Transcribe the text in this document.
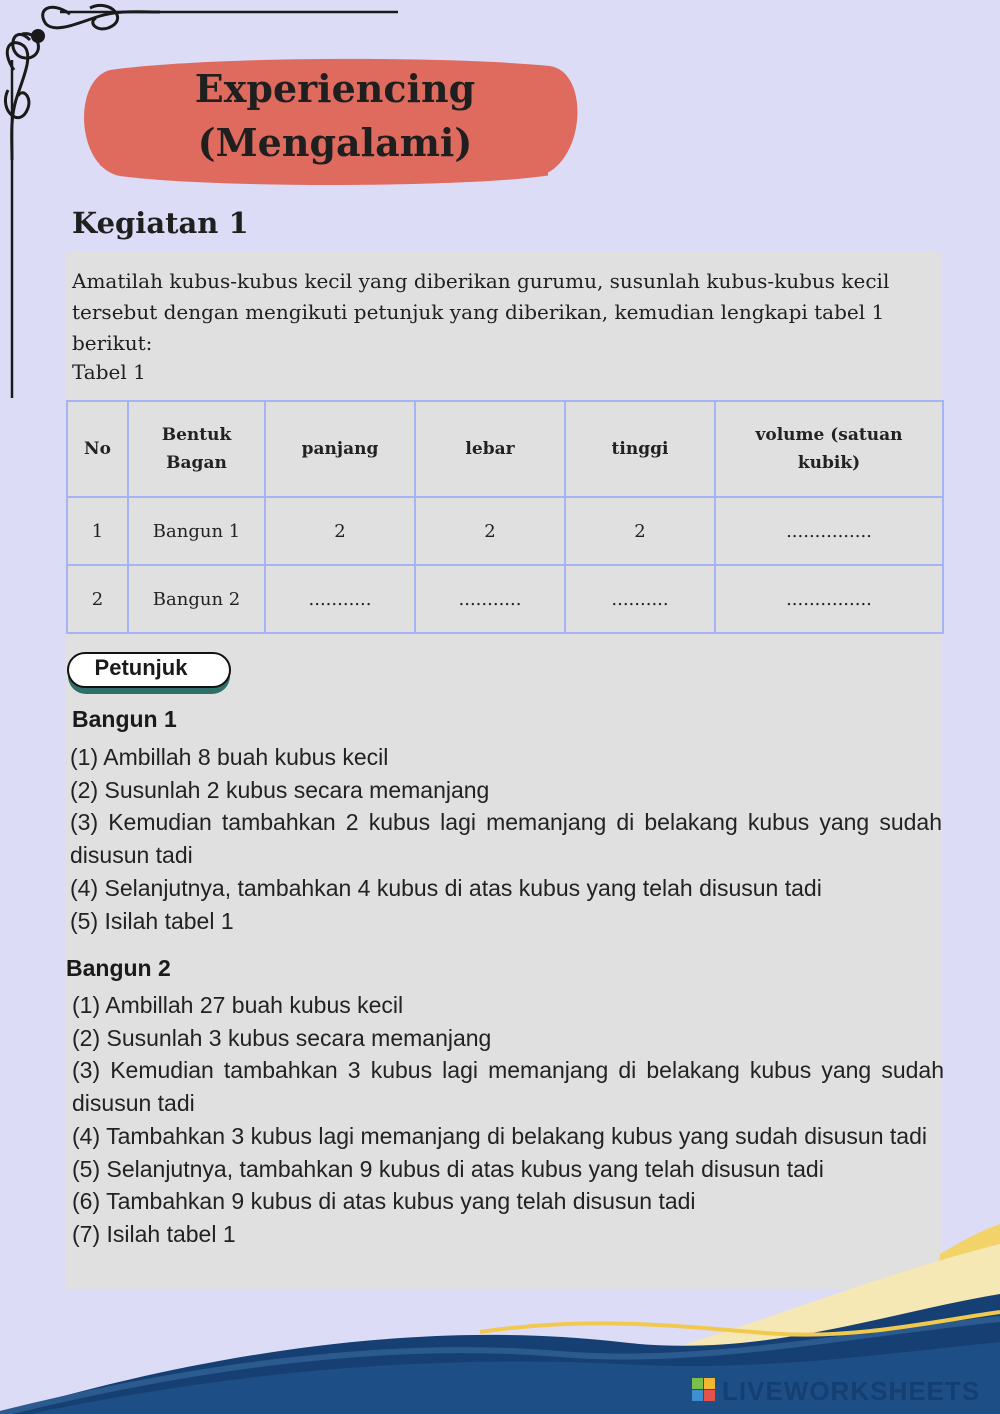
Experiencing
(Mengalami)
Kegiatan 1
Amatilah kubus-kubus kecil yang diberikan gurumu, susunlah kubus-kubus kecil tersebut dengan mengikuti petunjuk yang diberikan, kemudian lengkapi tabel 1 berikut:
Tabel 1
No	Bentuk Bagan	panjang	lebar	tinggi	volume (satuan kubik)
1	Bangun 1	2	2	2	...............
2	Bangun 2	...........	...........	..........	...............
Petunjuk
Bangun 1
(1) Ambillah 8 buah kubus kecil
(2) Susunlah 2 kubus secara memanjang
(3) Kemudian tambahkan 2 kubus lagi memanjang di belakang kubus yang sudah disusun tadi
(4) Selanjutnya, tambahkan 4 kubus di atas kubus yang telah disusun tadi
(5) Isilah tabel 1
Bangun 2
(1) Ambillah 27 buah kubus kecil
(2) Susunlah 3 kubus secara memanjang
(3) Kemudian tambahkan 3 kubus lagi memanjang di belakang kubus yang sudah disusun tadi
(4) Tambahkan 3 kubus lagi memanjang di belakang kubus yang sudah disusun tadi
(5) Selanjutnya, tambahkan 9 kubus di atas kubus yang telah disusun tadi
(6) Tambahkan 9 kubus di atas kubus yang telah disusun tadi
(7) Isilah tabel 1
LIVEWORKSHEETS
